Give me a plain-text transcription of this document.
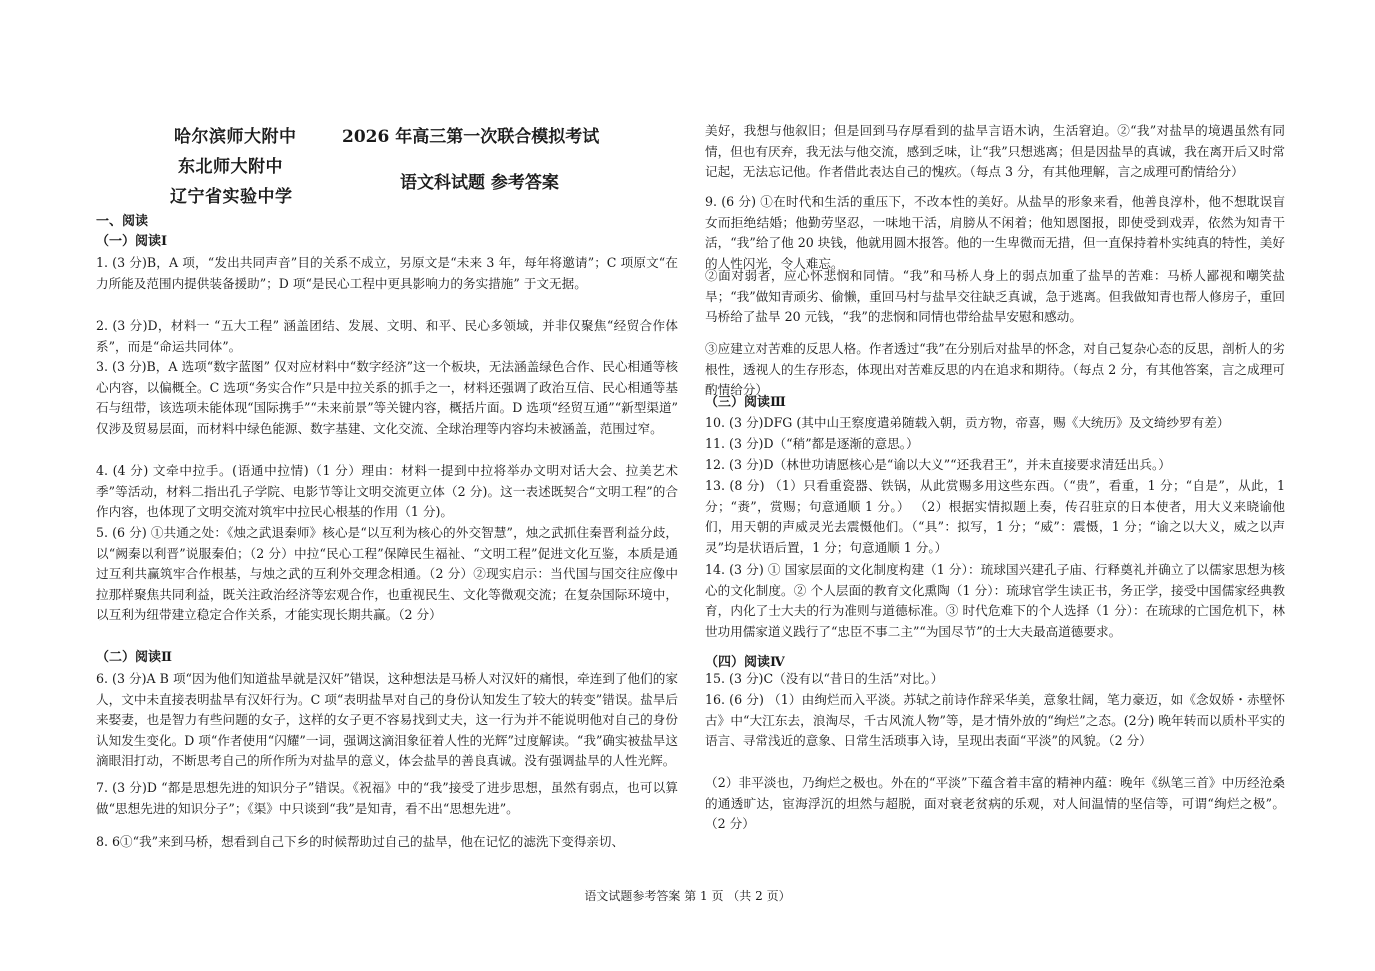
哈尔滨师大附中
东北师大附中
辽宁省实验中学
2026 年高三第一次联合模拟考试
语文科试题 参考答案
一、阅读
（一）阅读Ⅰ

1. (3 分)B，A 项，“发出共同声音”目的关系不成立，另原文是“未来 3 年，每年将邀请”；C 项原文“在力所能及范围内提供装备援助”；D 项“是民心工程中更具影响力的务实措施” 于文无据。

2. (3 分)D，材料一 “五大工程” 涵盖团结、发展、文明、和平、民心多领域，并非仅聚焦“经贸合作体系”，而是“命运共同体”。

3. (3 分)B，A 选项“数字蓝图” 仅对应材料中“数字经济”这一个板块，无法涵盖绿色合作、民心相通等核心内容，以偏概全。C 选项“务实合作”只是中拉关系的抓手之一，材料还强调了政治互信、民心相通等基石与纽带，该选项未能体现“国际携手”“未来前景”等关键内容，概括片面。D 选项“经贸互通”“新型渠道” 仅涉及贸易层面，而材料中绿色能源、数字基建、文化交流、全球治理等内容均未被涵盖，范围过窄。

4. (4 分) 文牵中拉手。(语通中拉情)（1 分）理由：材料一提到中拉将举办文明对话大会、拉美艺术季”等活动，材料二指出孔子学院、电影节等让文明交流更立体（2 分)。这一表述既契合“文明工程”的合作内容，也体现了文明交流对筑牢中拉民心根基的作用（1 分)。

5. (6 分) ①共通之处：《烛之武退秦师》核心是“以互利为核心的外交智慧”，烛之武抓住秦晋利益分歧，以“阙秦以利晋”说服秦伯；（2 分）中拉“民心工程”保障民生福祉、“文明工程”促进文化互鉴，本质是通过互利共赢筑牢合作根基，与烛之武的互利外交理念相通。（2 分）②现实启示：当代国与国交往应像中拉那样聚焦共同利益，既关注政治经济等宏观合作，也重视民生、文化等微观交流；在复杂国际环境中，以互利为纽带建立稳定合作关系，才能实现长期共赢。（2 分）

（二）阅读Ⅱ

6. (3 分)A B 项“因为他们知道盐旱就是汉奸”错误，这种想法是马桥人对汉奸的痛恨，牵连到了他们的家人，文中未直接表明盐旱有汉奸行为。C 项“表明盐旱对自己的身份认知发生了较大的转变”错误。盐旱后来娶妻，也是智力有些问题的女子，这样的女子更不容易找到丈夫，这一行为并不能说明他对自己的身份认知发生变化。D 项“作者使用“闪耀”一词，强调这滴泪象征着人性的光辉”过度解读。“我”确实被盐旱这滴眼泪打动，不断思考自己的所作所为对盐旱的意义，体会盐旱的善良真诚。没有强调盐旱的人性光辉。

7. (3 分)D “都是思想先进的知识分子”错误。《祝福》中的“我”接受了进步思想，虽然有弱点，也可以算做“思想先进的知识分子”；《渠》中只谈到“我”是知青，看不出“思想先进”。

8. 6①“我”来到马桥，想看到自己下乡的时候帮助过自己的盐旱，他在记忆的滤洗下变得亲切、

美好，我想与他叙旧；但是回到马存厚看到的盐旱言语木讷，生活窘迫。②“我”对盐旱的境遇虽然有同情，但也有厌弃，我无法与他交流，感到乏味，让“我”只想逃离；但是因盐旱的真诚，我在离开后又时常记起，无法忘记他。作者借此表达自己的愧疚。（每点 3 分，有其他理解，言之成理可酌情给分）

9. (6 分) ①在时代和生活的重压下，不改本性的美好。从盐旱的形象来看，他善良淳朴，他不想耽误盲女而拒绝结婚；他勤劳坚忍，一味地干活，肩膀从不闲着；他知恩图报，即使受到戏弄，依然为知青干活，“我”给了他 20 块钱，他就用圆木报答。他的一生卑微而无措，但一直保持着朴实纯真的特性，美好的人性闪光，令人难忘。

②面对弱者，应心怀悲悯和同情。“我”和马桥人身上的弱点加重了盐旱的苦难：马桥人鄙视和嘲笑盐旱；“我”做知青顽劣、偷懒，重回马村与盐旱交往缺乏真诚，急于逃离。但我做知青也帮人修房子，重回马桥给了盐旱 20 元钱，“我”的悲悯和同情也带给盐旱安慰和感动。

③应建立对苦难的反思人格。作者透过“我”在分别后对盐旱的怀念，对自己复杂心态的反思，剖析人的劣根性，透视人的生存形态，体现出对苦难反思的内在追求和期待。（每点 2 分，有其他答案，言之成理可酌情给分）

（三）阅读Ⅲ

10. (3 分)DFG (其中山王察度遣弟随载入朝，贡方物，帝喜，赐《大统历》及文绮纱罗有差）

11. (3 分)D（“稍”都是逐渐的意思。）

12. (3 分)D（林世功请愿核心是“谕以大义”“还我君王”，并未直接要求清廷出兵。）

13. (8 分) （1）只看重瓷器、铁锅，从此赏赐多用这些东西。（“贵”，看重，1 分；“自是”，从此，1 分；“赉”，赏赐；句意通顺 1 分。） （2）根据实情拟题上奏，传召驻京的日本使者，用大义来晓谕他们，用天朝的声威灵光去震慑他们。（“具”：拟写，1 分；“威”：震慑，1 分；“谕之以大义，威之以声灵”均是状语后置，1 分；句意通顺 1 分。）

14. (3 分) ① 国家层面的文化制度构建（1 分）：琉球国兴建孔子庙、行释奠礼并确立了以儒家思想为核心的文化制度。② 个人层面的教育文化熏陶（1 分）：琉球官学生读正书，务正学，接受中国儒家经典教育，内化了士大夫的行为准则与道德标准。③ 时代危难下的个人选择（1 分）：在琉球的亡国危机下，林世功用儒家道义践行了“忠臣不事二主”“为国尽节”的士大夫最高道德要求。

（四）阅读Ⅳ

15. (3 分)C（没有以“昔日的生活”对比。）

16. (6 分) （1）由绚烂而入平淡。苏轼之前诗作辞采华美，意象壮阔，笔力豪迈，如《念奴娇・赤壁怀古》中“大江东去，浪淘尽，千古风流人物”等，是才情外放的“绚烂”之态。(2分) 晚年转而以质朴平实的语言、寻常浅近的意象、日常生活琐事入诗，呈现出表面“平淡”的风貌。（2 分）

（2）非平淡也，乃绚烂之极也。外在的“平淡”下蕴含着丰富的精神内蕴：晚年《纵笔三首》中历经沧桑的通透旷达，宦海浮沉的坦然与超脱，面对衰老贫病的乐观，对人间温情的坚信等，可谓“绚烂之极”。（2 分）

语文试题参考答案 第 1 页 （共 2 页）
